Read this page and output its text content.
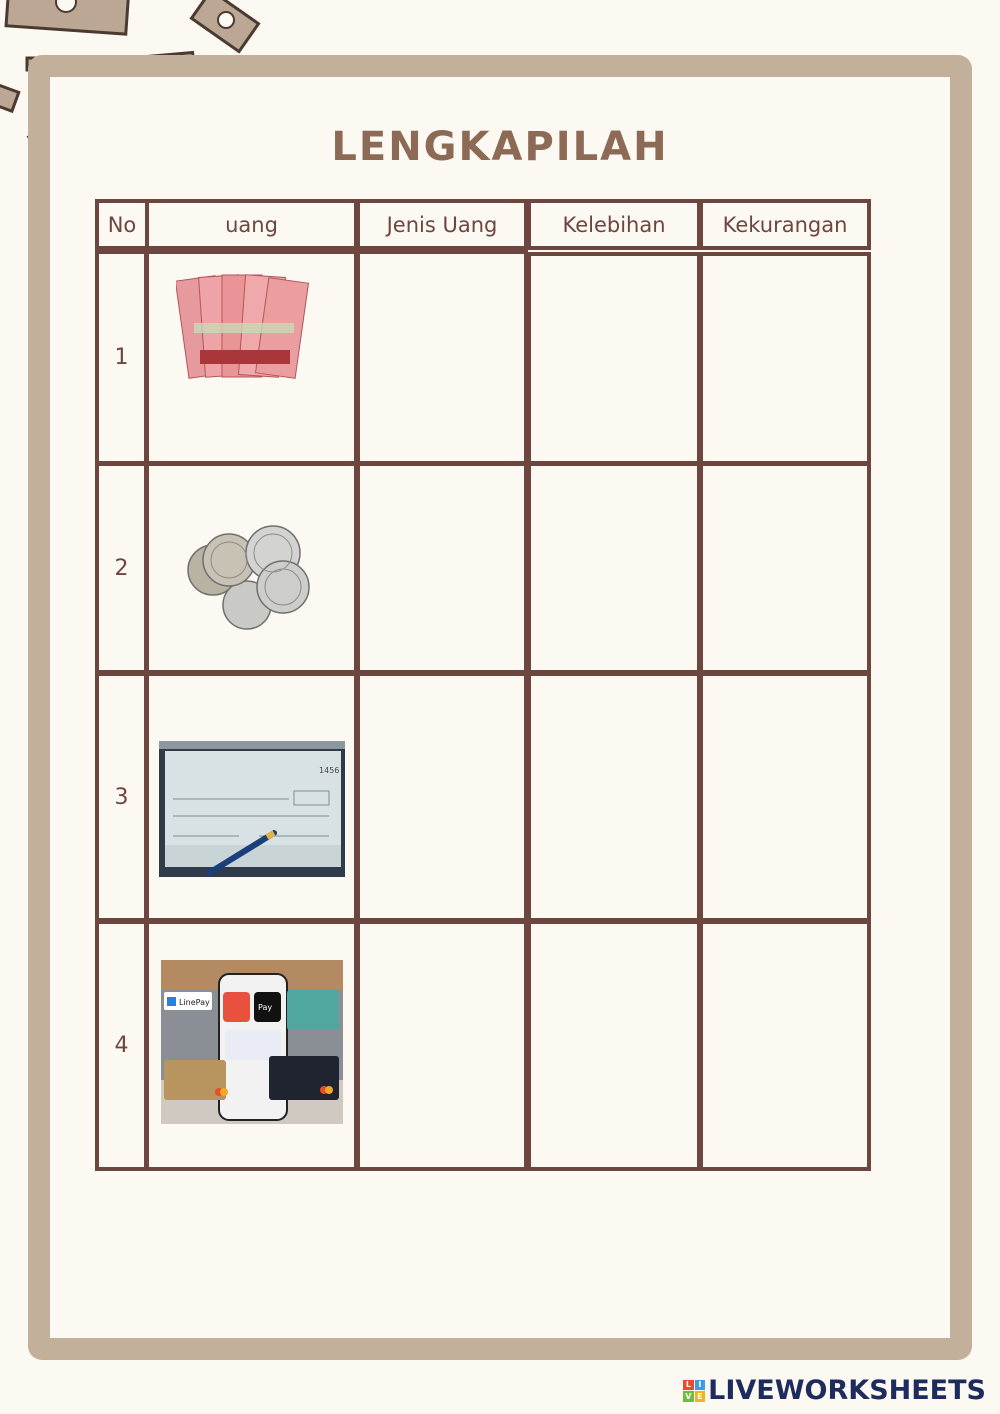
LENGKAPILAH
No	uang	Jenis Uang	Kelebihan	Kekurangan
1
2
3
4
1456
LinePay
Pay
L I
V E LIVEWORKSHEETS
